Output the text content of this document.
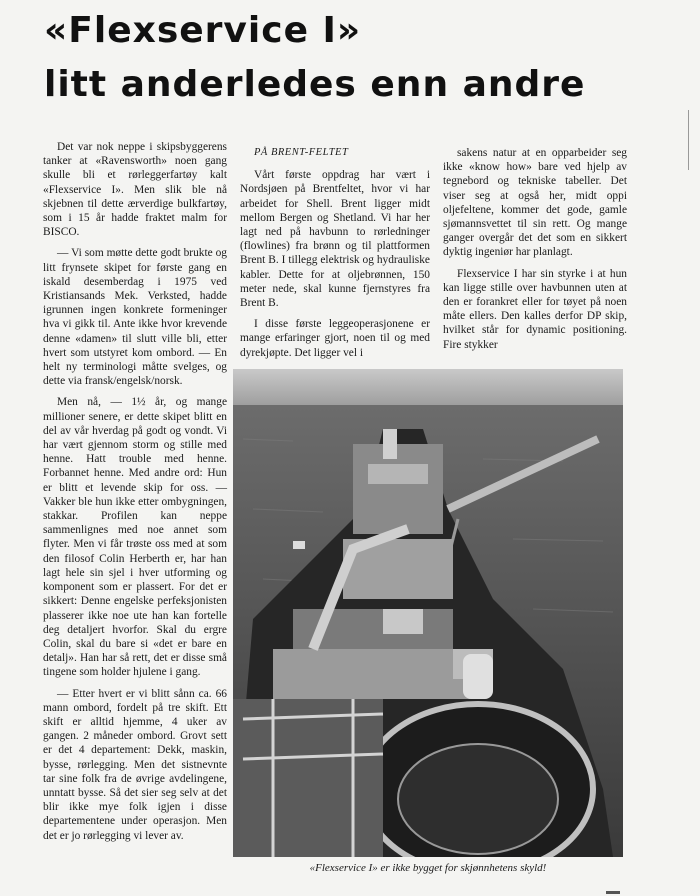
«Flexservice I»
litt anderledes enn andre

Det var nok neppe i skipsbyggerens tanker at «Ravensworth» noen gang skulle bli et rørleggerfartøy kalt «Flexservice I». Men slik ble nå skjebnen til dette ærverdige bulkfartøy, som i 15 år hadde fraktet malm for BISCO.

— Vi som møtte dette godt brukte og litt frynsete skipet for første gang en iskald desemberdag i 1975 ved Kristiansands Mek. Verksted, hadde igrunnen ingen konkrete formeninger hva vi gikk til. Ante ikke hvor krevende denne «damen» til slutt ville bli, etter hvert som utstyret kom ombord. — En helt ny terminologi måtte svelges, og dette via fransk/engelsk/norsk.

Men nå, — 1½ år, og mange millioner senere, er dette skipet blitt en del av vår hverdag på godt og vondt. Vi har vært gjennom storm og stille med henne. Hatt trouble med henne. Forbannet henne. Med andre ord: Hun er blitt et levende skip for oss. — Vakker ble hun ikke etter ombygningen, stakkar. Profilen kan neppe sammenlignes med noe annet som flyter. Men vi får trøste oss med at som den filosof Colin Herberth er, har han lagt hele sin sjel i hver utforming og komponent som er plassert. For det er sikkert: Denne engelske perfeksjonisten plasserer ikke noe ute han kan fortelle deg detaljert hvorfor. Skal du ergre Colin, skal du bare si «det er bare en detalj». Han har så rett, det er disse små tingene som holder hjulene i gang.

— Etter hvert er vi blitt sånn ca. 66 mann ombord, fordelt på tre skift. Ett skift er alltid hjemme, 4 uker av gangen. 2 måneder ombord. Grovt sett er det 4 departement: Dekk, maskin, bysse, rørlegging. Men det sistnevnte tar sine folk fra de øvrige avdelingene, unntatt bysse. Så det sier seg selv at det blir ikke mye folk igjen i disse departementene under operasjon. Men det er jo rørlegging vi lever av.

PÅ BRENT-FELTET

Vårt første oppdrag har vært i Nordsjøen på Brentfeltet, hvor vi har arbeidet for Shell. Brent ligger midt mellom Bergen og Shetland. Vi har her lagt ned på havbunn to rørledninger (flowlines) fra brønn og til plattformen Brent B. I tillegg elektrisk og hydrauliske kabler. Dette for at oljebrønnen, 150 meter nede, skal kunne fjernstyres fra Brent B.

I disse første leggeoperasjonene er mange erfaringer gjort, noen til og med dyrekjøpte. Det ligger vel i

sakens natur at en opparbeider seg ikke «know how» bare ved hjelp av tegnebord og tekniske tabeller. Det viser seg at også her, midt oppi oljefeltene, kommer det gode, gamle sjømannsvettet til sin rett. Og mange ganger overgår det det som en sikkert dyktig ingeniør har planlagt.

Flexservice I har sin styrke i at hun kan ligge stille over havbunnen uten at den er forankret eller for tøyet på noen måte ellers. Den kalles derfor DP skip, hvilket står for dynamic positioning. Fire stykker

«Flexservice I» er ikke bygget for skjønnhetens skyld!
